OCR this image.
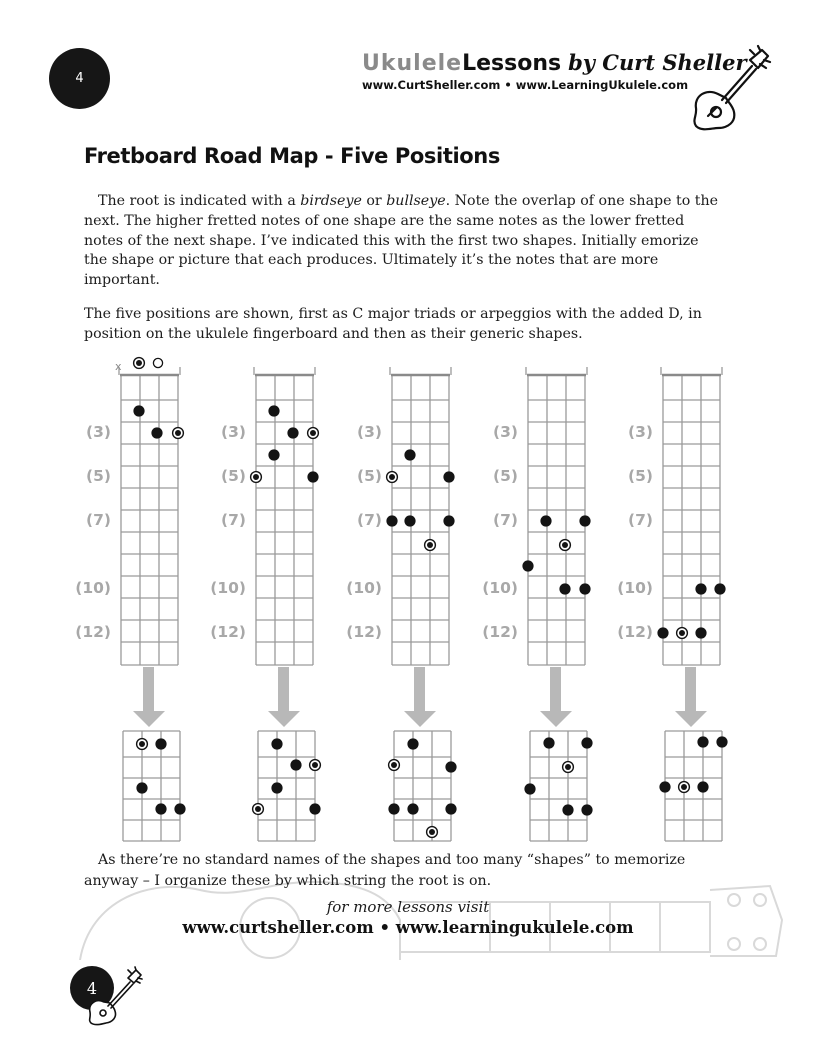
4
UkuleleLessons by Curt Sheller
www.CurtSheller.com • www.LearningUkulele.com
Fretboard Road Map - Five Positions

The root is indicated with a birdseye or bullseye. Note the overlap of one shape to the next. The higher fretted notes of one shape are the same notes as the lower fretted notes of the next shape. I’ve indicated this with the first two shapes. Initially emorize the shape or picture that each produces. Ultimately it’s the notes that are more important.

The five positions are shown, first as C major triads or arpeggios with the added D, in position on the ukulele fingerboard and then as their generic shapes.

x
(3)
(5)
(7)
(10)
(12)
(3)
(5)
(7)
(10)
(12)
(3)
(5)
(7)
(10)
(12)
(3)
(5)
(7)
(10)
(12)
(3)
(5)
(7)
(10)
(12)

As there’re no standard names of the shapes and too many “shapes” to memorize anyway – I organize these by which string the root is on.

for more lessons visit
www.curtsheller.com • www.learningukulele.com
4
